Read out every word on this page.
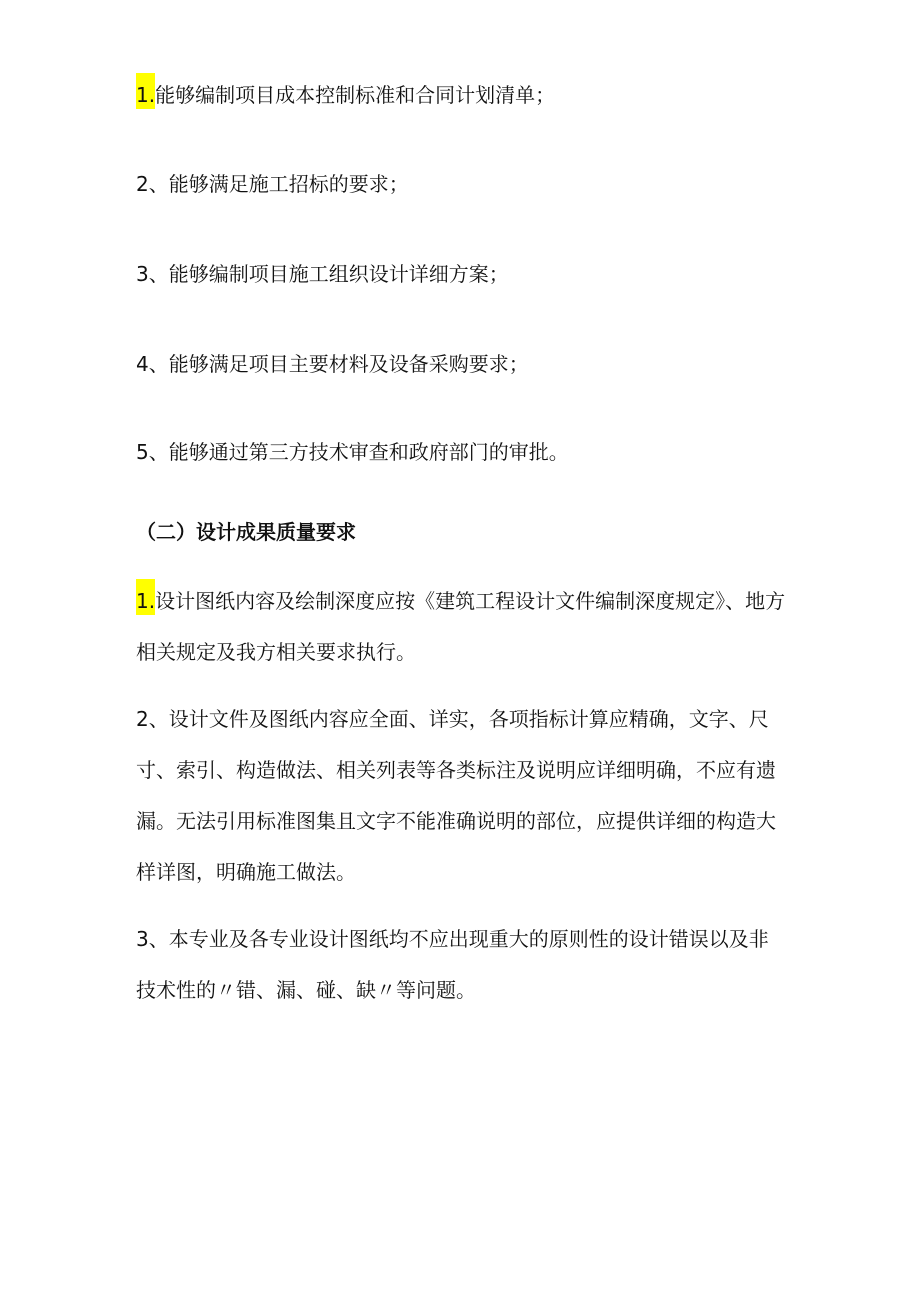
1.能够编制项目成本控制标准和合同计划清单；

2、能够满足施工招标的要求；

3、能够编制项目施工组织设计详细方案；

4、能够满足项目主要材料及设备采购要求；

5、能够通过第三方技术审查和政府部门的审批。

（二）设计成果质量要求

1.设计图纸内容及绘制深度应按《建筑工程设计文件编制深度规定》、地方相关规定及我方相关要求执行。

2、设计文件及图纸内容应全面、详实，各项指标计算应精确，文字、尺寸、索引、构造做法、相关列表等各类标注及说明应详细明确，不应有遗漏。无法引用标准图集且文字不能准确说明的部位，应提供详细的构造大样详图，明确施工做法。

3、本专业及各专业设计图纸均不应出现重大的原则性的设计错误以及非技术性的〃错、漏、碰、缺〃等问题。
